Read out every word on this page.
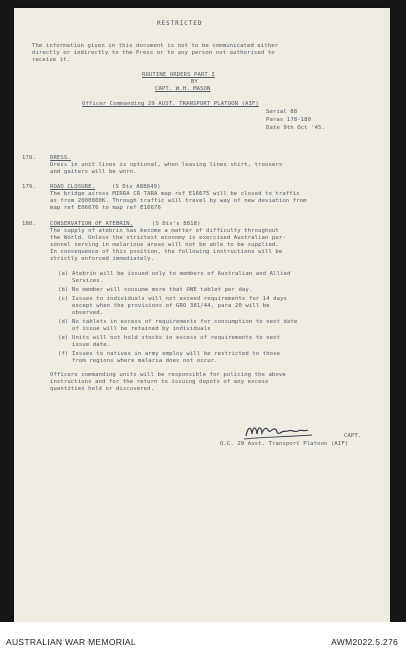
RESTRICTED
The information given in this document is not to be communicated either
directly or indirectly to the Press or to any person not authorised to
receive it.
ROUTINE ORDERS PART I
BY
CAPT. W.H. MASON
Officer Commanding 29 AUST. TRANSPORT PLATOON (AIF)
Serial 88
Paras 178-180
Date 9th Oct '45.
178.	DRESS.
Dress in unit lines is optional, when leaving lines shirt, trousers
and gaiters will be worn.
179.	ROAD CLOSURE.	(S Div A88849)
The bridge across MIRRA CR TARA map ref E16675 will be closed to traffic
as from 2000800K. Through traffic will travel by way of new deviation from
map ref E06676 to map ref E16676
180.	CONSERVATION OF ATEBRIN.	(S Div's 8818)
The supply of atebrin has become a matter of difficulty throughout
the World. Unless the strictest economy is exercised Australian per-
sonnel serving in malarious areas will not be able to be supplied.
In consequence of this position, the following instructions will be
strictly enforced immediately.
(a) Atebrin will be issued only to members of Australian and Allied
Services.
(b) No member will consume more that ONE tablet per day.
(c) Issues to individuals will not exceed requirements for 14 days
except when the provisions of GRO 381/44, para 20 will be
observed.
(d) No tablets in excess of requirements for consumption to next date
of issue will be retained by individuals
(e) Units will not hold stocks in excess of requirements to next
issue date.
(f) Issues to natives in army employ will be restricted to those
from regions where malaria does not occur.
Officers commanding units will be responsible for policing the above
instructions and for the return to issuing depots of any excess
quantities held or discovered.
CAPT.
O.C. 29 Aust. Transport Platoon (AIF)
AUSTRALIAN WAR MEMORIAL	AWM2022.5.276
